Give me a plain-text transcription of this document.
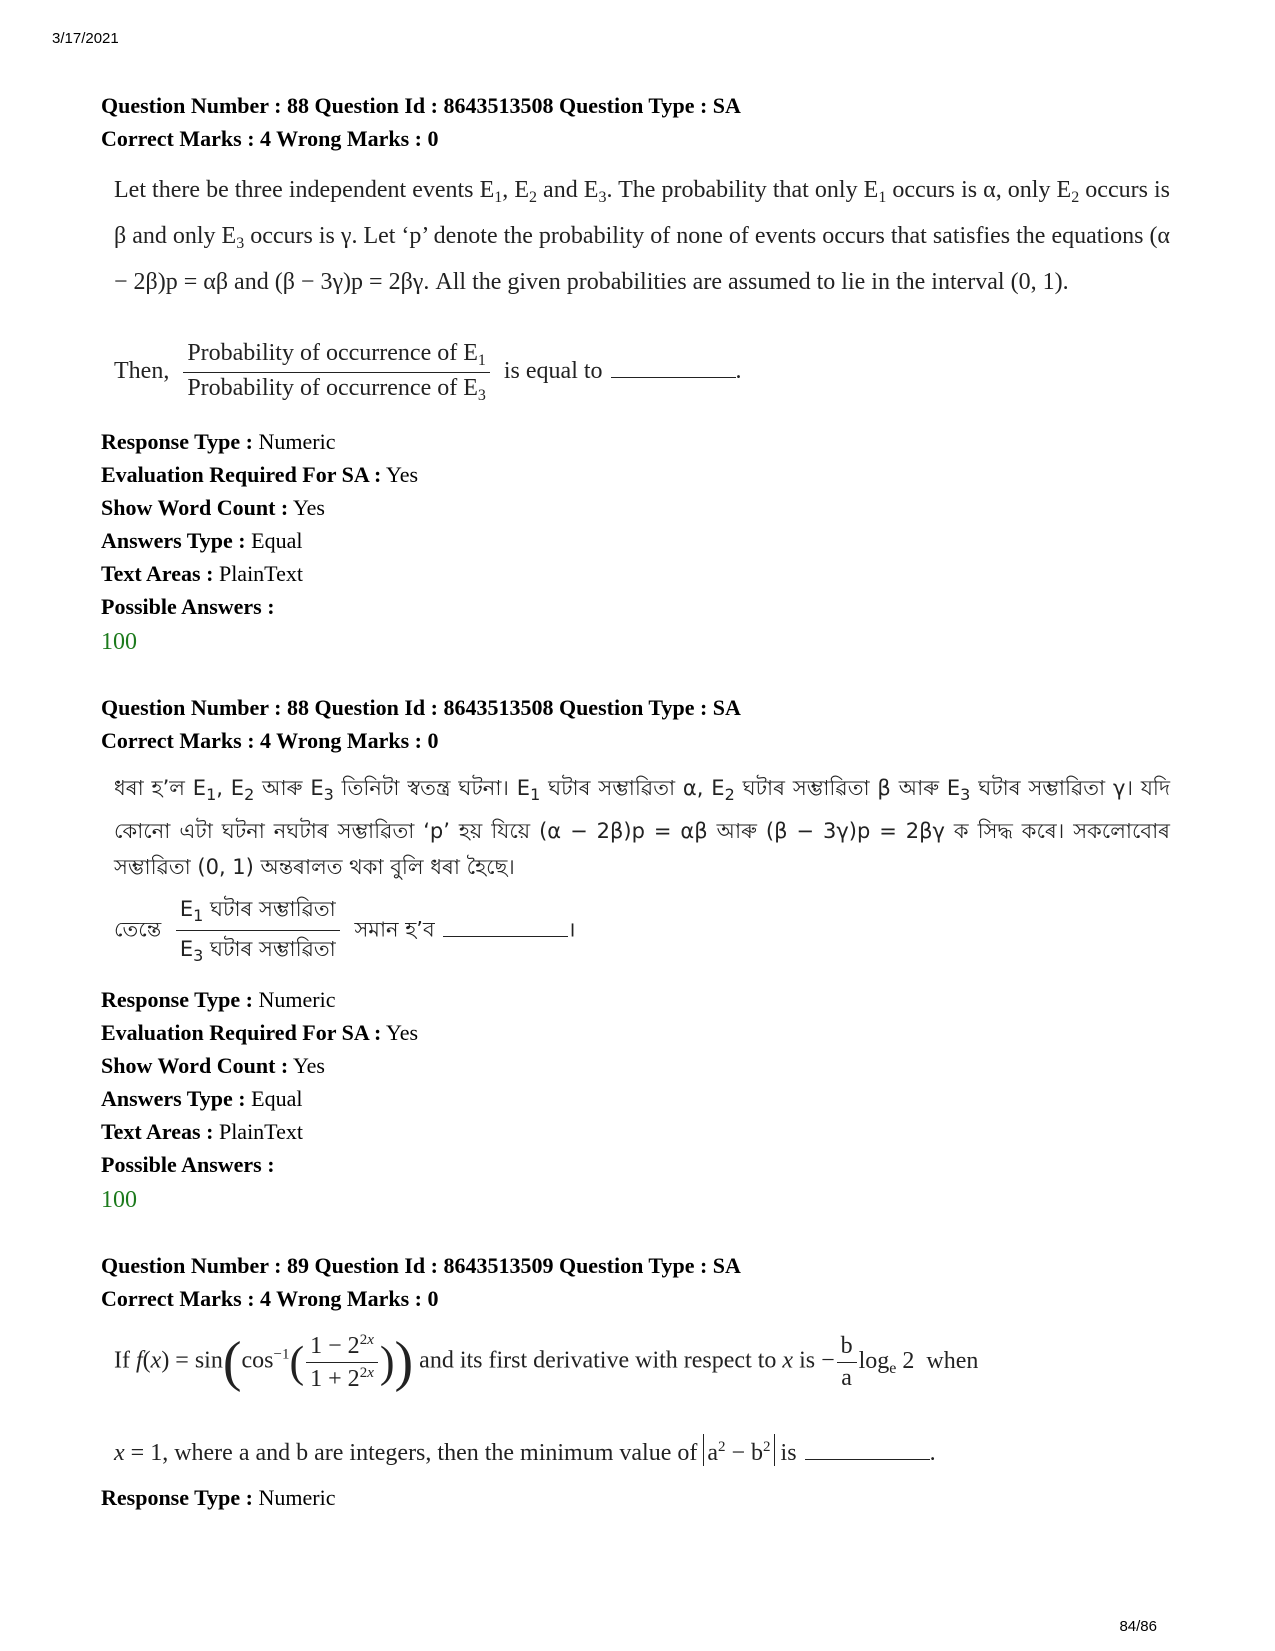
3/17/2021
Question Number : 88 Question Id : 8643513508 Question Type : SA
Correct Marks : 4 Wrong Marks : 0

Let there be three independent events $E_1$, $E_2$ and $E_3$. The probability that only $E_1$ occurs is α, only $E_2$ occurs is β and only $E_3$ occurs is γ. Let ‘p’ denote the probability of none of events occurs that satisfies the equations (α − 2β)p = αβ and (β − 3γ)p = 2βγ. All the given probabilities are assumed to lie in the interval (0, 1).

Then, $\frac{Probability of occurrence of E_1}{Probability of occurrence of E_3}$ is equal to	.
Response Type : Numeric
Evaluation Required For SA : Yes
Show Word Count : Yes
Answers Type : Equal
Text Areas : PlainText
Possible Answers :
100
Question Number : 88 Question Id : 8643513508 Question Type : SA
Correct Marks : 4 Wrong Marks : 0

ধৰা হ’ল $E_1$, $E_2$ আৰু $E_3$ তিনিটা স্বতন্ত্ৰ ঘটনা। $E_1$ ঘটাৰ সম্ভাৱিতা α, $E_2$ ঘটাৰ সম্ভাৱিতা β আৰু $E_3$ ঘটাৰ সম্ভাৱিতা γ। যদি কোনো এটা ঘটনা নঘটাৰ সম্ভাৱিতা ‘p’ হয় যিয়ে (α − 2β)p = αβ আৰু (β − 3γ)p = 2βγ ক সিদ্ধ কৰে। সকলোবোৰ সম্ভাৱিতা (0, 1) অন্তৰালত থকা বুলি ধৰা হৈছে।

তেন্তে $\frac{E_1 ঘটাৰ সম্ভাৱিতা}{E_3 ঘটাৰ সম্ভাৱিতা}$ সমান হ’ব	।
Response Type : Numeric
Evaluation Required For SA : Yes
Show Word Count : Yes
Answers Type : Equal
Text Areas : PlainText
Possible Answers :
100
Question Number : 89 Question Id : 8643513509 Question Type : SA
Correct Marks : 4 Wrong Marks : 0
If $f(x) = \sin(\cos^{-1}( \frac{1 - 2^{2x}}{1 + 2^{2x}}$ )) and its first derivative with respect to x is − $\frac{b}{a} \log_e 2$  when
x = 1, where a and b are integers, then the minimum value of $a^2 - b^2$ is	.
Response Type : Numeric
84/86
